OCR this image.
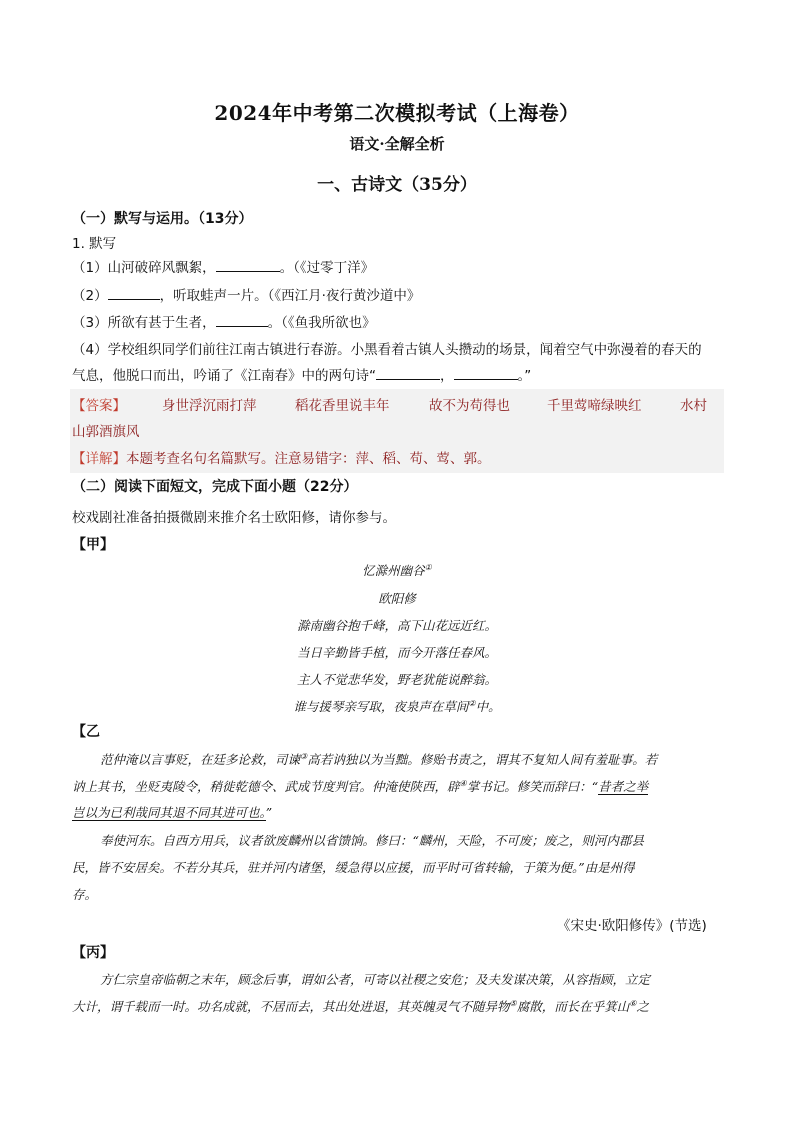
2024年中考第二次模拟考试（上海卷）
语文·全解全析
一、古诗文（35分）
（一）默写与运用。（13分）
1. 默写
（1）山河破碎风飘絮，	。（《过零丁洋》
（2）	，听取蛙声一片。（《西江月·夜行黄沙道中》
（3）所欲有甚于生者，	。（《鱼我所欲也》
（4）学校组织同学们前往江南古镇进行春游。小黑看着古镇人头攒动的场景，闻着空气中弥漫着的春天的
气息，他脱口而出，吟诵了《江南春》中的两句诗“	，	。”
【答案】	身世浮沉雨打萍	稻花香里说丰年	故不为苟得也	千里莺啼绿映红	水村
山郭酒旗风
【详解】本题考查名句名篇默写。注意易错字：萍、稻、苟、莺、郭。
（二）阅读下面短文，完成下面小题（22分）
校戏剧社准备拍摄微剧来推介名士欧阳修，请你参与。
【甲】
忆滁州幽谷①
欧阳修
滁南幽谷抱千峰，高下山花远近红。
当日辛勤皆手植，而今开落任春风。
主人不觉悲华发，野老犹能说醉翁。
谁与援琴亲写取，夜泉声在草间②中。
【乙
范仲淹以言事贬，在廷多论救，司谏③高若讷独以为当黜。修贻书责之，谓其不复知人间有羞耻事。若
讷上其书，坐贬夷陵令，稍徙乾德令、武成节度判官。仲淹使陕西，辟④掌书记。修笑而辞曰：“昔者之举
岂以为已利哉同其退不同其进可也。”
奉使河东。自西方用兵，议者欲废麟州以省馈饷。修曰：“麟州，天险，不可废；废之，则河内郡县
民，皆不安居矣。不若分其兵，驻并河内诸堡，缓急得以应援，而平时可省转输，于策为便。”由是州得
存。
《宋史·欧阳修传》(节选)
【丙】
方仁宗皇帝临朝之末年，顾念后事，谓如公者，可寄以社稷之安危；及夫发谋决策，从容指顾，立定
大计，谓千载而一时。功名成就，不居而去，其出处进退，其英魄灵气不随异物⑤腐散，而长在乎箕山⑥之
